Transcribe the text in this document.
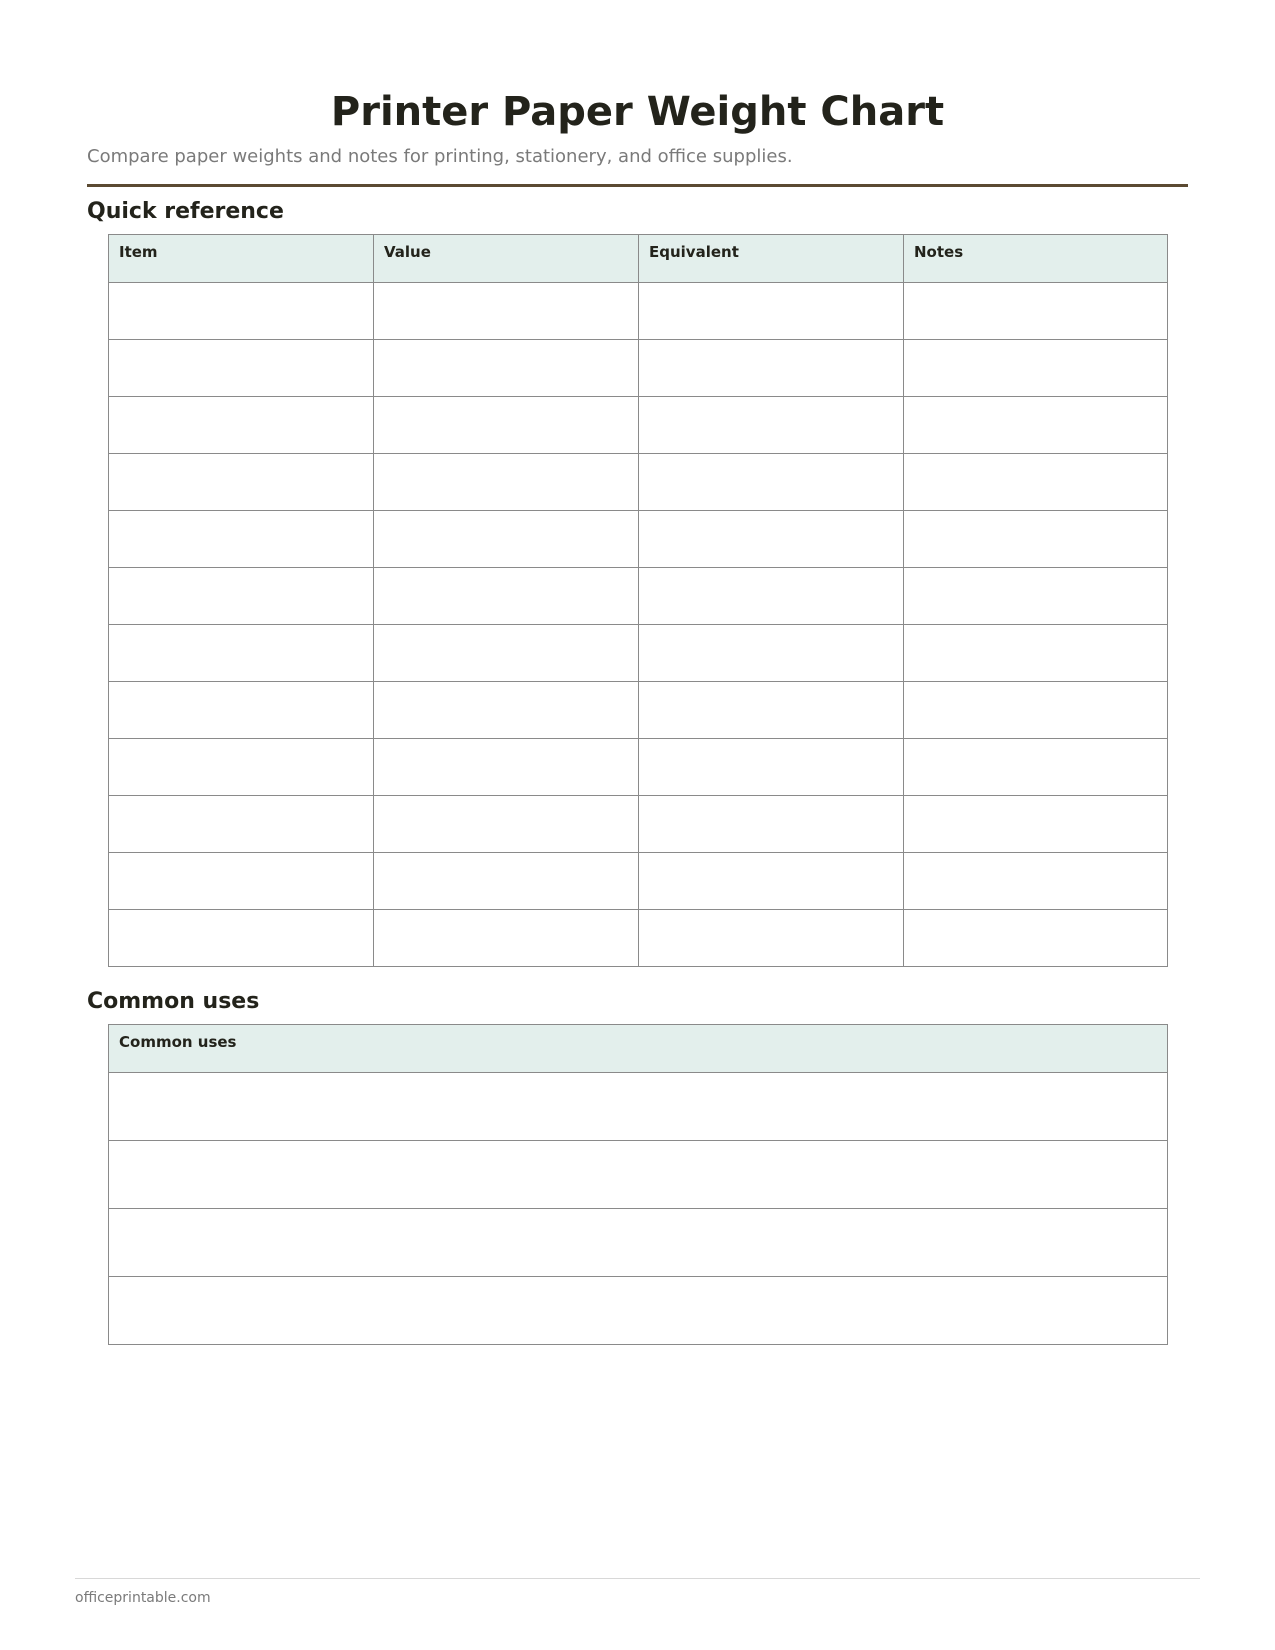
Printer Paper Weight Chart

Compare paper weights and notes for printing, stationery, and office supplies.

Quick reference
Item	Value	Equivalent	Notes

Common uses
Common uses

officeprintable.com
